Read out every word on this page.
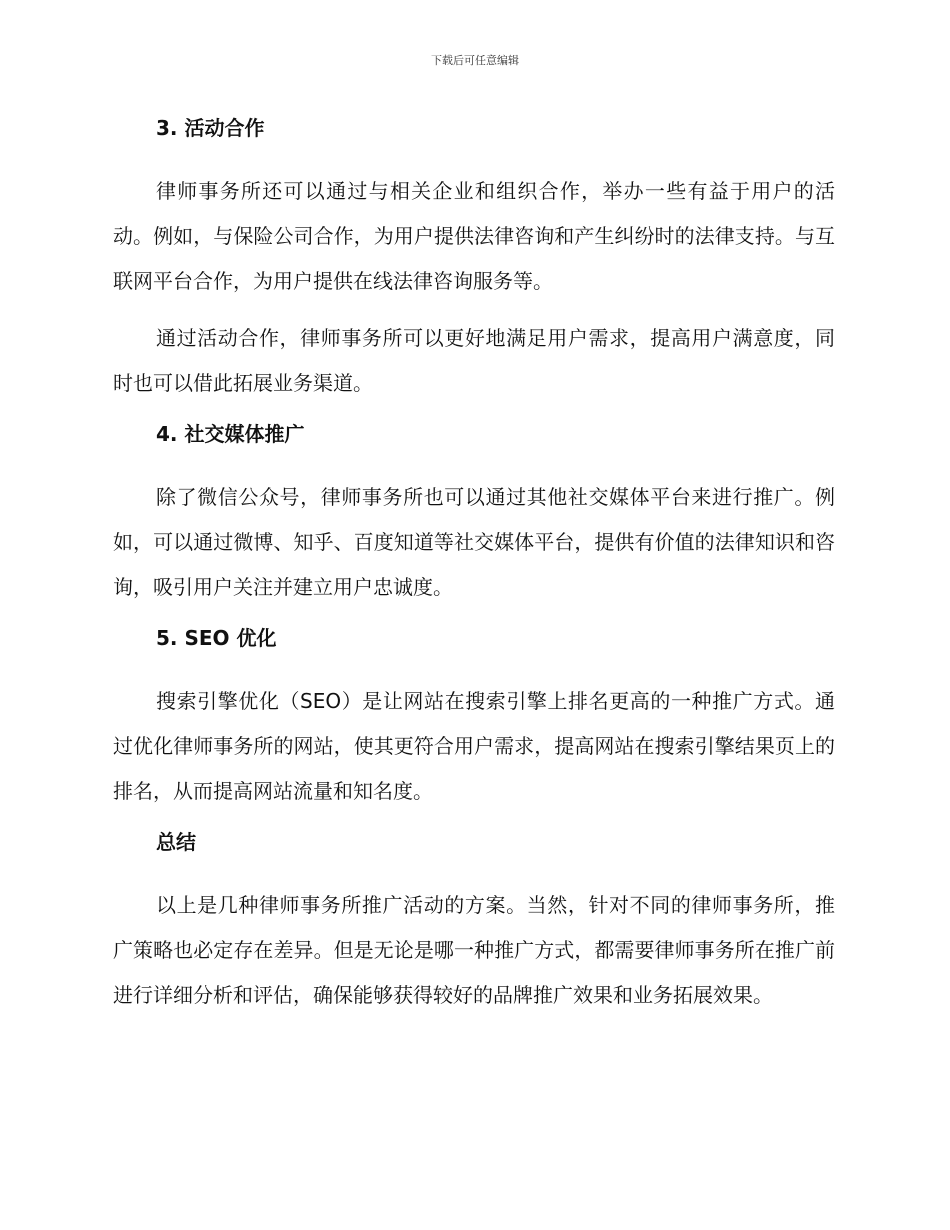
下载后可任意编辑
3. 活动合作

律师事务所还可以通过与相关企业和组织合作，举办一些有益于用户的活动。例如，与保险公司合作，为用户提供法律咨询和产生纠纷时的法律支持。与互联网平台合作，为用户提供在线法律咨询服务等。

通过活动合作，律师事务所可以更好地满足用户需求，提高用户满意度，同时也可以借此拓展业务渠道。

4. 社交媒体推广

除了微信公众号，律师事务所也可以通过其他社交媒体平台来进行推广。例如，可以通过微博、知乎、百度知道等社交媒体平台，提供有价值的法律知识和咨询，吸引用户关注并建立用户忠诚度。

5. SEO 优化

搜索引擎优化（SEO）是让网站在搜索引擎上排名更高的一种推广方式。通过优化律师事务所的网站，使其更符合用户需求，提高网站在搜索引擎结果页上的排名，从而提高网站流量和知名度。

总结

以上是几种律师事务所推广活动的方案。当然，针对不同的律师事务所，推广策略也必定存在差异。但是无论是哪一种推广方式，都需要律师事务所在推广前进行详细分析和评估，确保能够获得较好的品牌推广效果和业务拓展效果。
